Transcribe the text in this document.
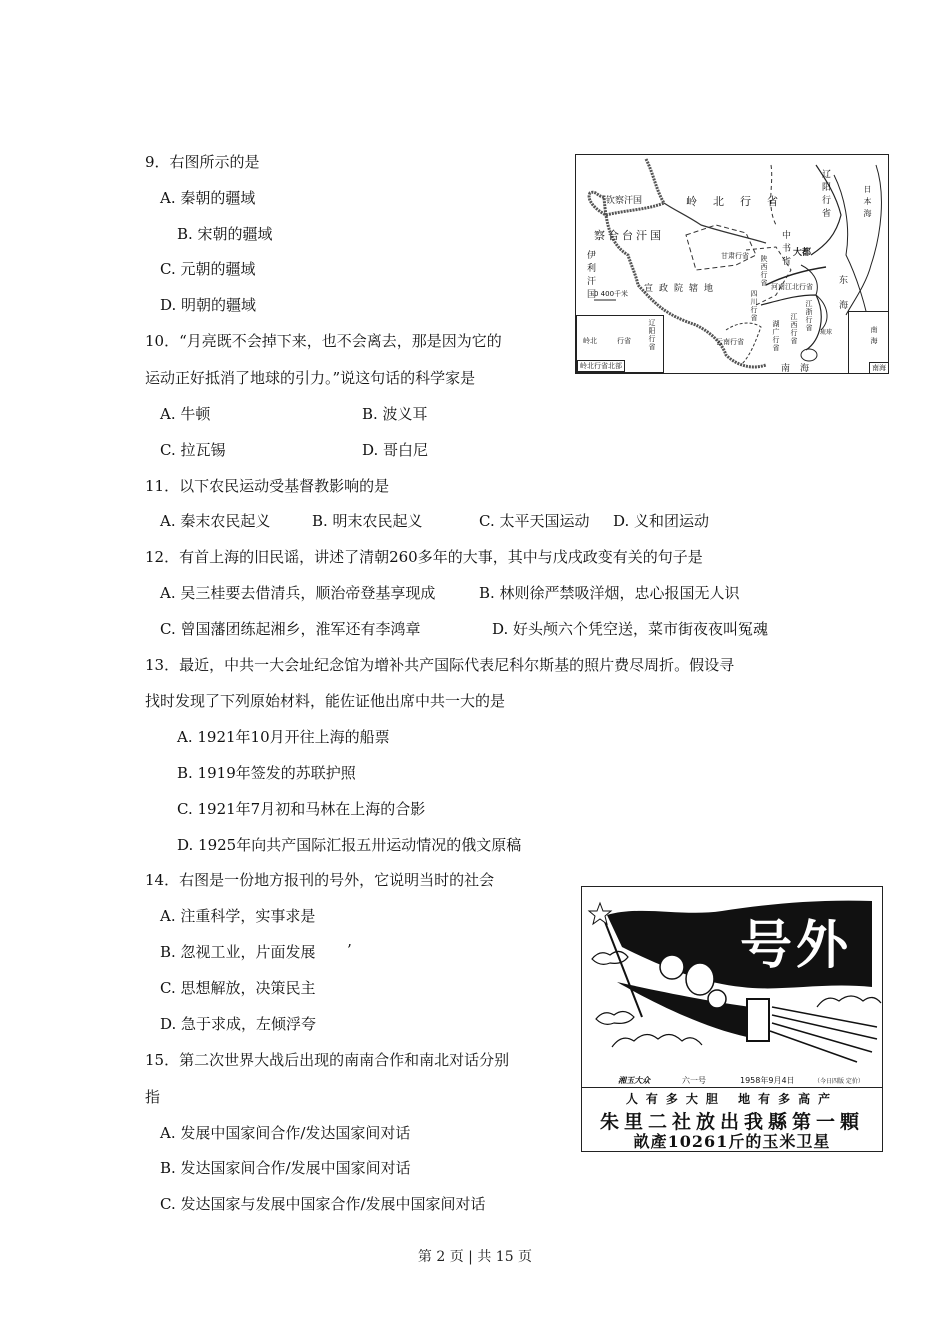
9．右图所示的是
A. 秦朝的疆域
B. 宋朝的疆域
C. 元朝的疆域
D. 明朝的疆域
10．“月亮既不会掉下来，也不会离去，那是因为它的
运动正好抵消了地球的引力。”说这句话的科学家是
A. 牛顿	B. 波义耳
C. 拉瓦锡	D. 哥白尼
11．以下农民运动受基督教影响的是
A. 秦末农民起义	B. 明末农民起义	C. 太平天国运动 D. 义和团运动
12．有首上海的旧民谣，讲述了清朝260多年的大事，其中与戊戌政变有关的句子是
A. 吴三桂要去借清兵，顺治帝登基享现成	B. 林则徐严禁吸洋烟，忠心报国无人识
C. 曾国藩团练起湘乡，淮军还有李鸿章	D. 好头颅六个凭空送，菜市街夜夜叫冤魂
13．最近，中共一大会址纪念馆为增补共产国际代表尼科尔斯基的照片费尽周折。假设寻
找时发现了下列原始材料，能佐证他出席中共一大的是
A. 1921年10月开往上海的船票
B. 1919年签发的苏联护照
C. 1921年7月初和马林在上海的合影
D. 1925年向共产国际汇报五卅运动情况的俄文原稿
14．右图是一份地方报刊的号外，它说明当时的社会
A. 注重科学，实事求是
B. 忽视工业，片面发展 ’
C. 思想解放，决策民主
D. 急于求成，左倾浮夸
15．第二次世界大战后出现的南南合作和南北对话分别
指
A. 发展中国家间合作/发达国家间对话
B. 发达国家间合作/发展中国家间对话
C. 发达国家与发展中国家合作/发展中国家间对话
钦察汗国
察合台汗国
伊利汗国
岭北行省	辽阳行省
中书省 大都
甘肃行省 陕西行省
宣政院辖地
四川行省
河南江北行省
江浙行省
江西行省
湖广行省
云南行省
东海
南海
日本海
0 400千米
琉球
岭北	行省 辽阳行省
岭北行省北部
南海
南海
号外
湘玉大众	六一号	1958年9月4日	（今日四版 定价）
人有多大胆 地有多高产
朱里二社放出我縣第一顆
畝產10261斤的玉米卫星
第 2 页 | 共 15 页
